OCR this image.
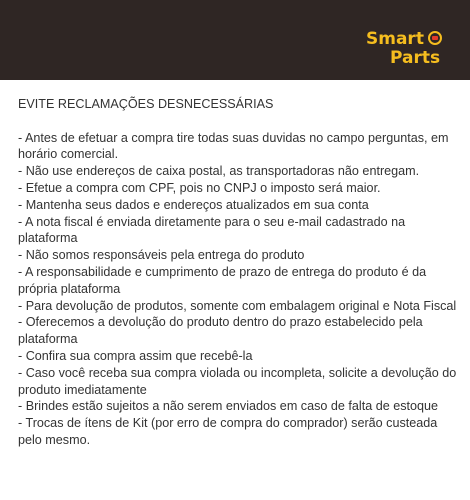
Smart
Parts

EVITE RECLAMAÇÕES DESNECESSÁRIAS

- Antes de efetuar a compra tire todas suas duvidas no campo perguntas, em horário comercial.
- Não use endereços de caixa postal, as transportadoras não entregam.
- Efetue a compra com CPF, pois no CNPJ o imposto será maior.
- Mantenha seus dados e endereços atualizados em sua conta
- A nota fiscal é enviada diretamente para o seu e-mail cadastrado na plataforma
- Não somos responsáveis pela entrega do produto
- A responsabilidade e cumprimento de prazo de entrega do produto é da própria plataforma
- Para devolução de produtos, somente com embalagem original e Nota Fiscal
- Oferecemos a devolução do produto dentro do prazo estabelecido pela plataforma
- Confira sua compra assim que recebê-la
- Caso você receba sua compra violada ou incompleta, solicite a devolução do produto imediatamente
- Brindes estão sujeitos a não serem enviados em caso de falta de estoque
- Trocas de ítens de Kit (por erro de compra do comprador) serão custeada pelo mesmo.
